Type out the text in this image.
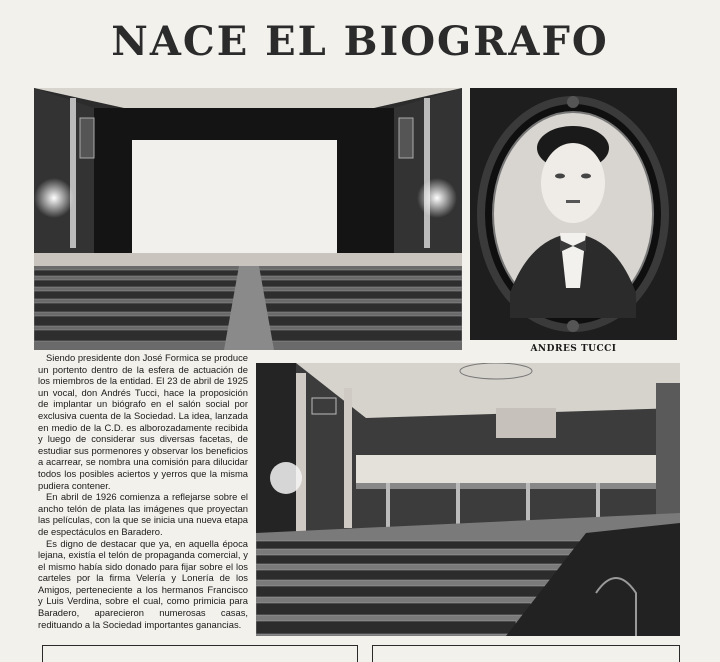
NACE EL BIOGRAFO
ANDRES TUCCI

Siendo presidente don José Formica se produce un portento dentro de la esfera de actuación de los miembros de la entidad. El 23 de abril de 1925 un vocal, don Andrés Tucci, hace la proposición de implantar un biógrafo en el salón social por exclusiva cuenta de la Sociedad. La idea, lanzada en medio de la C.D. es alborozadamente recibida y luego de considerar sus diversas facetas, de estudiar sus pormenores y observar los beneficios a acarrear, se nombra una comisión para dilucidar todos los posibles aciertos y yerros que la misma pudiera contener.

En abril de 1926 comienza a reflejarse sobre el ancho telón de plata las imágenes que proyectan las películas, con la que se inicia una nueva etapa de espectáculos en Baradero.

Es digno de destacar que ya, en aquella época lejana, existía el telón de propaganda comercial, y el mismo había sido donado para fijar sobre el los carteles por la firma Velería y Lonería de los Amigos, perteneciente a los hermanos Francisco y Luis Verdina, sobre el cual, como primicia para Baradero, aparecieron numerosas casas, redituando a la Sociedad importantes ganancias.
